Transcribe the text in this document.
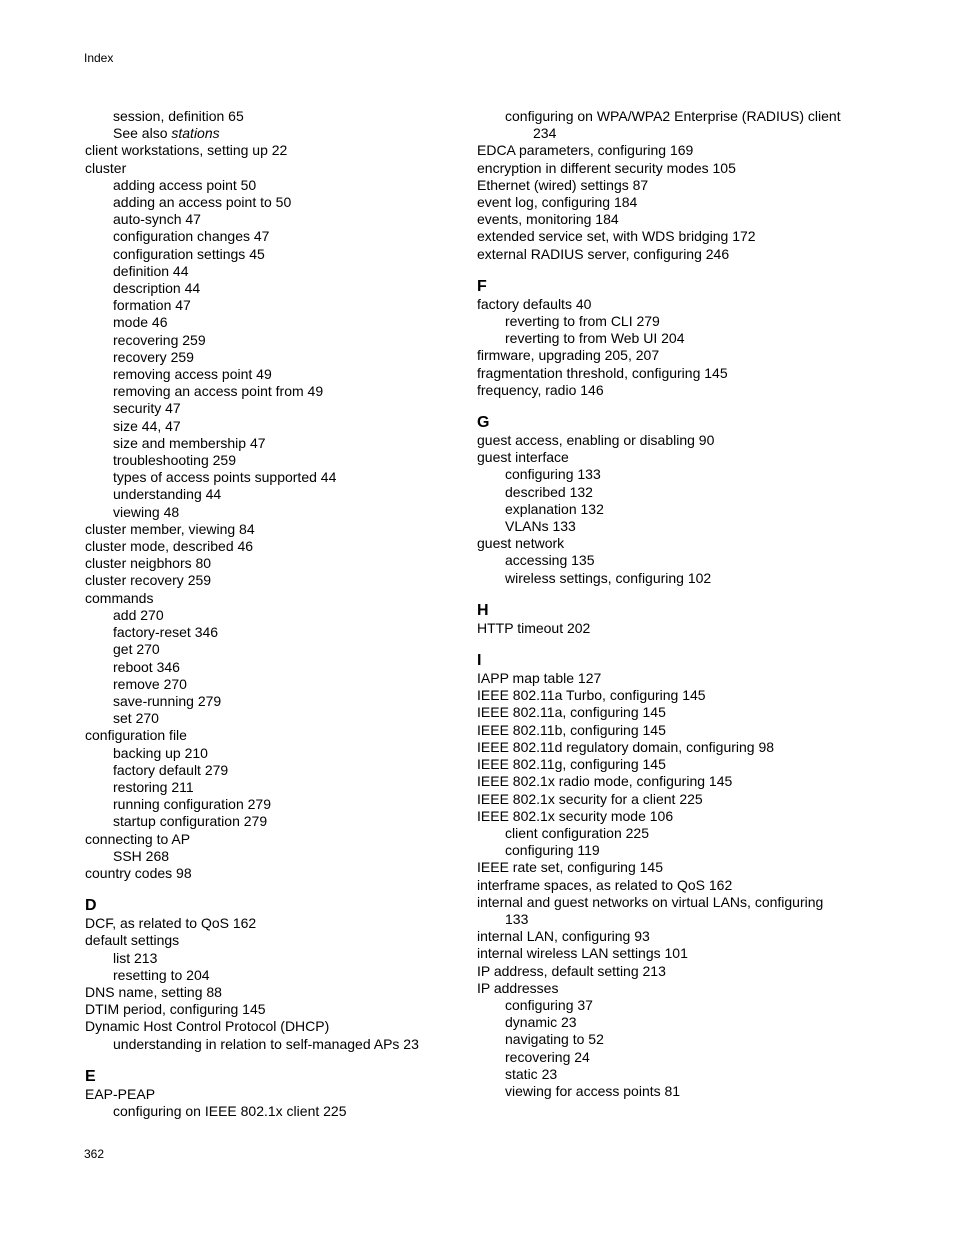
Index

session, definition 65

See also stations

client workstations, setting up 22

cluster

adding access point 50

adding an access point to 50

auto-synch 47

configuration changes 47

configuration settings 45

definition 44

description 44

formation 47

mode 46

recovering 259

recovery 259

removing access point 49

removing an access point from 49

security 47

size 44, 47

size and membership 47

troubleshooting 259

types of access points supported 44

understanding 44

viewing 48

cluster member, viewing 84

cluster mode, described 46

cluster neigbhors 80

cluster recovery 259

commands

add 270

factory-reset 346

get 270

reboot 346

remove 270

save-running 279

set 270

configuration file

backing up 210

factory default 279

restoring 211

running configuration 279

startup configuration 279

connecting to AP

SSH 268

country codes 98

D

DCF, as related to QoS 162

default settings

list 213

resetting to 204

DNS name, setting 88

DTIM period, configuring 145

Dynamic Host Control Protocol (DHCP)

understanding in relation to self-managed APs 23

E

EAP-PEAP

configuring on IEEE 802.1x client 225

configuring on WPA/WPA2 Enterprise (RADIUS) client 234

EDCA parameters, configuring 169

encryption in different security modes 105

Ethernet (wired) settings 87

event log, configuring 184

events, monitoring 184

extended service set, with WDS bridging 172

external RADIUS server, configuring 246

F

factory defaults 40

reverting to from CLI 279

reverting to from Web UI 204

firmware, upgrading 205, 207

fragmentation threshold, configuring 145

frequency, radio 146

G

guest access, enabling or disabling 90

guest interface

configuring 133

described 132

explanation 132

VLANs 133

guest network

accessing 135

wireless settings, configuring 102

H

HTTP timeout 202

I

IAPP map table 127

IEEE 802.11a Turbo, configuring 145

IEEE 802.11a, configuring 145

IEEE 802.11b, configuring 145

IEEE 802.11d regulatory domain, configuring 98

IEEE 802.11g, configuring 145

IEEE 802.1x radio mode, configuring 145

IEEE 802.1x security for a client 225

IEEE 802.1x security mode 106

client configuration 225

configuring 119

IEEE rate set, configuring 145

interframe spaces, as related to QoS 162

internal and guest networks on virtual LANs, configuring 133

internal LAN, configuring 93

internal wireless LAN settings 101

IP address, default setting 213

IP addresses

configuring 37

dynamic 23

navigating to 52

recovering 24

static 23

viewing for access points 81

362
